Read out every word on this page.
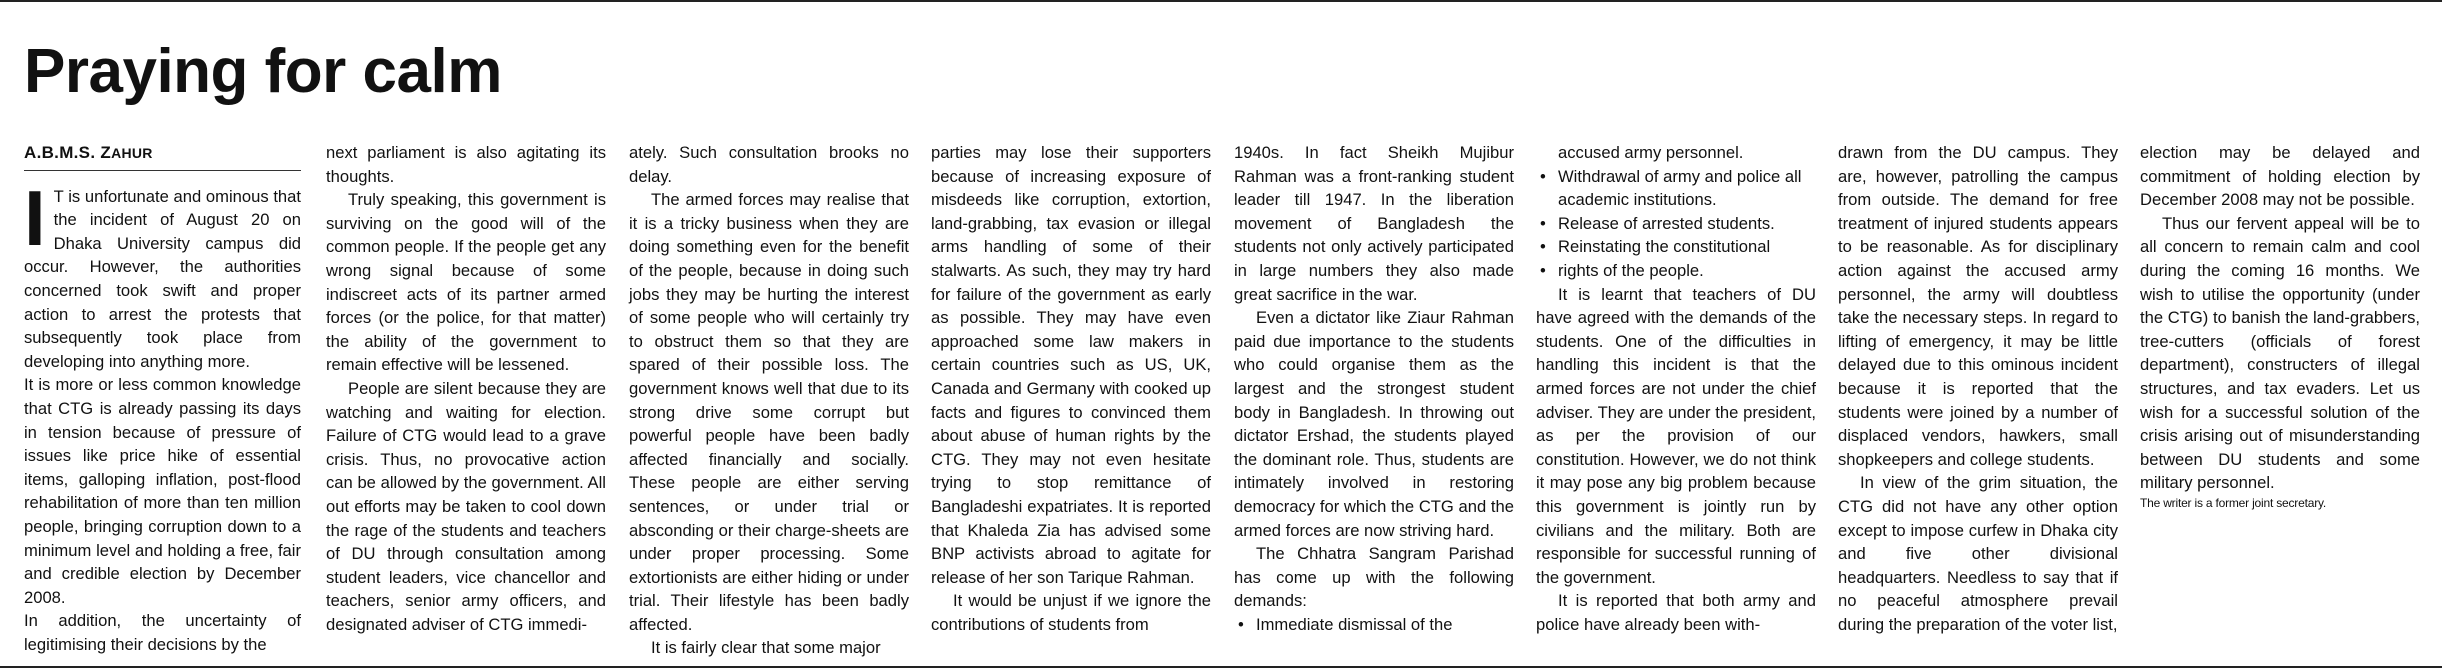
Praying for calm
A.B.M.S. ZAHUR

I T is unfortunate and ominous that the incident of August 20 on Dhaka University campus did occur. However, the authorities concerned took swift and proper action to arrest the protests that subsequently took place from developing into anything more.

It is more or less common knowledge that CTG is already passing its days in tension because of pressure of issues like price hike of essential items, galloping inflation, post-flood rehabilitation of more than ten million people, bringing corruption down to a minimum level and holding a free, fair and credible election by December 2008.

In addition, the uncertainty of legitimising their decisions by the

next parliament is also agitating its thoughts.

Truly speaking, this government is surviving on the good will of the common people. If the people get any wrong signal because of some indiscreet acts of its partner armed forces (or the police, for that matter) the ability of the government to remain effective will be lessened.

People are silent because they are watching and waiting for election. Failure of CTG would lead to a grave crisis. Thus, no provocative action can be allowed by the government. All out efforts may be taken to cool down the rage of the students and teachers of DU through consultation among student leaders, vice chancellor and teachers, senior army officers, and designated adviser of CTG immedi-

ately. Such consultation brooks no delay.

The armed forces may realise that it is a tricky business when they are doing something even for the benefit of the people, because in doing such jobs they may be hurting the interest of some people who will certainly try to obstruct them so that they are spared of their possible loss. The government knows well that due to its strong drive some corrupt but powerful people have been badly affected financially and socially. These people are either serving sentences, or under trial or absconding or their charge-sheets are under proper processing. Some extortionists are either hiding or under trial. Their lifestyle has been badly affected.

It is fairly clear that some major

parties may lose their supporters because of increasing exposure of misdeeds like corruption, extortion, land-grabbing, tax evasion or illegal arms handling of some of their stalwarts. As such, they may try hard for failure of the government as early as possible. They may have even approached some law makers in certain countries such as US, UK, Canada and Germany with cooked up facts and figures to convinced them about abuse of human rights by the CTG. They may not even hesitate trying to stop remittance of Bangladeshi expatriates. It is reported that Khaleda Zia has advised some BNP activists abroad to agitate for release of her son Tarique Rahman.

It would be unjust if we ignore the contributions of students from

1940s. In fact Sheikh Mujibur Rahman was a front-ranking student leader till 1947. In the liberation movement of Bangladesh the students not only actively participated in large numbers they also made great sacrifice in the war.

Even a dictator like Ziaur Rahman paid due importance to the students who could organise them as the largest and the strongest student body in Bangladesh. In throwing out dictator Ershad, the students played the dominant role. Thus, students are intimately involved in restoring democracy for which the CTG and the armed forces are now striving hard.

The Chhatra Sangram Parishad has come up with the following demands:

• Immediate dismissal of the

accused army personnel.

• Withdrawal of army and police all academic institutions.
• Release of arrested students.
• Reinstating the constitutional
• rights of the people.

It is learnt that teachers of DU have agreed with the demands of the students. One of the difficulties in handling this incident is that the armed forces are not under the chief adviser. They are under the president, as per the provision of our constitution. However, we do not think it may pose any big problem because this government is jointly run by civilians and the military. Both are responsible for successful running of the government.

It is reported that both army and police have already been with-

drawn from the DU campus. They are, however, patrolling the campus from outside. The demand for free treatment of injured students appears to be reasonable. As for disciplinary action against the accused army personnel, the army will doubtless take the necessary steps. In regard to lifting of emergency, it may be little delayed due to this ominous incident because it is reported that the students were joined by a number of displaced vendors, hawkers, small shopkeepers and college students.

In view of the grim situation, the CTG did not have any other option except to impose curfew in Dhaka city and five other divisional headquarters. Needless to say that if no peaceful atmosphere prevail during the preparation of the voter list,

election may be delayed and commitment of holding election by December 2008 may not be possible.

Thus our fervent appeal will be to all concern to remain calm and cool during the coming 16 months. We wish to utilise the opportunity (under the CTG) to banish the land-grabbers, tree-cutters (officials of forest department), constructers of illegal structures, and tax evaders. Let us wish for a successful solution of the crisis arising out of misunderstanding between DU students and some military personnel.

The writer is a former joint secretary.
